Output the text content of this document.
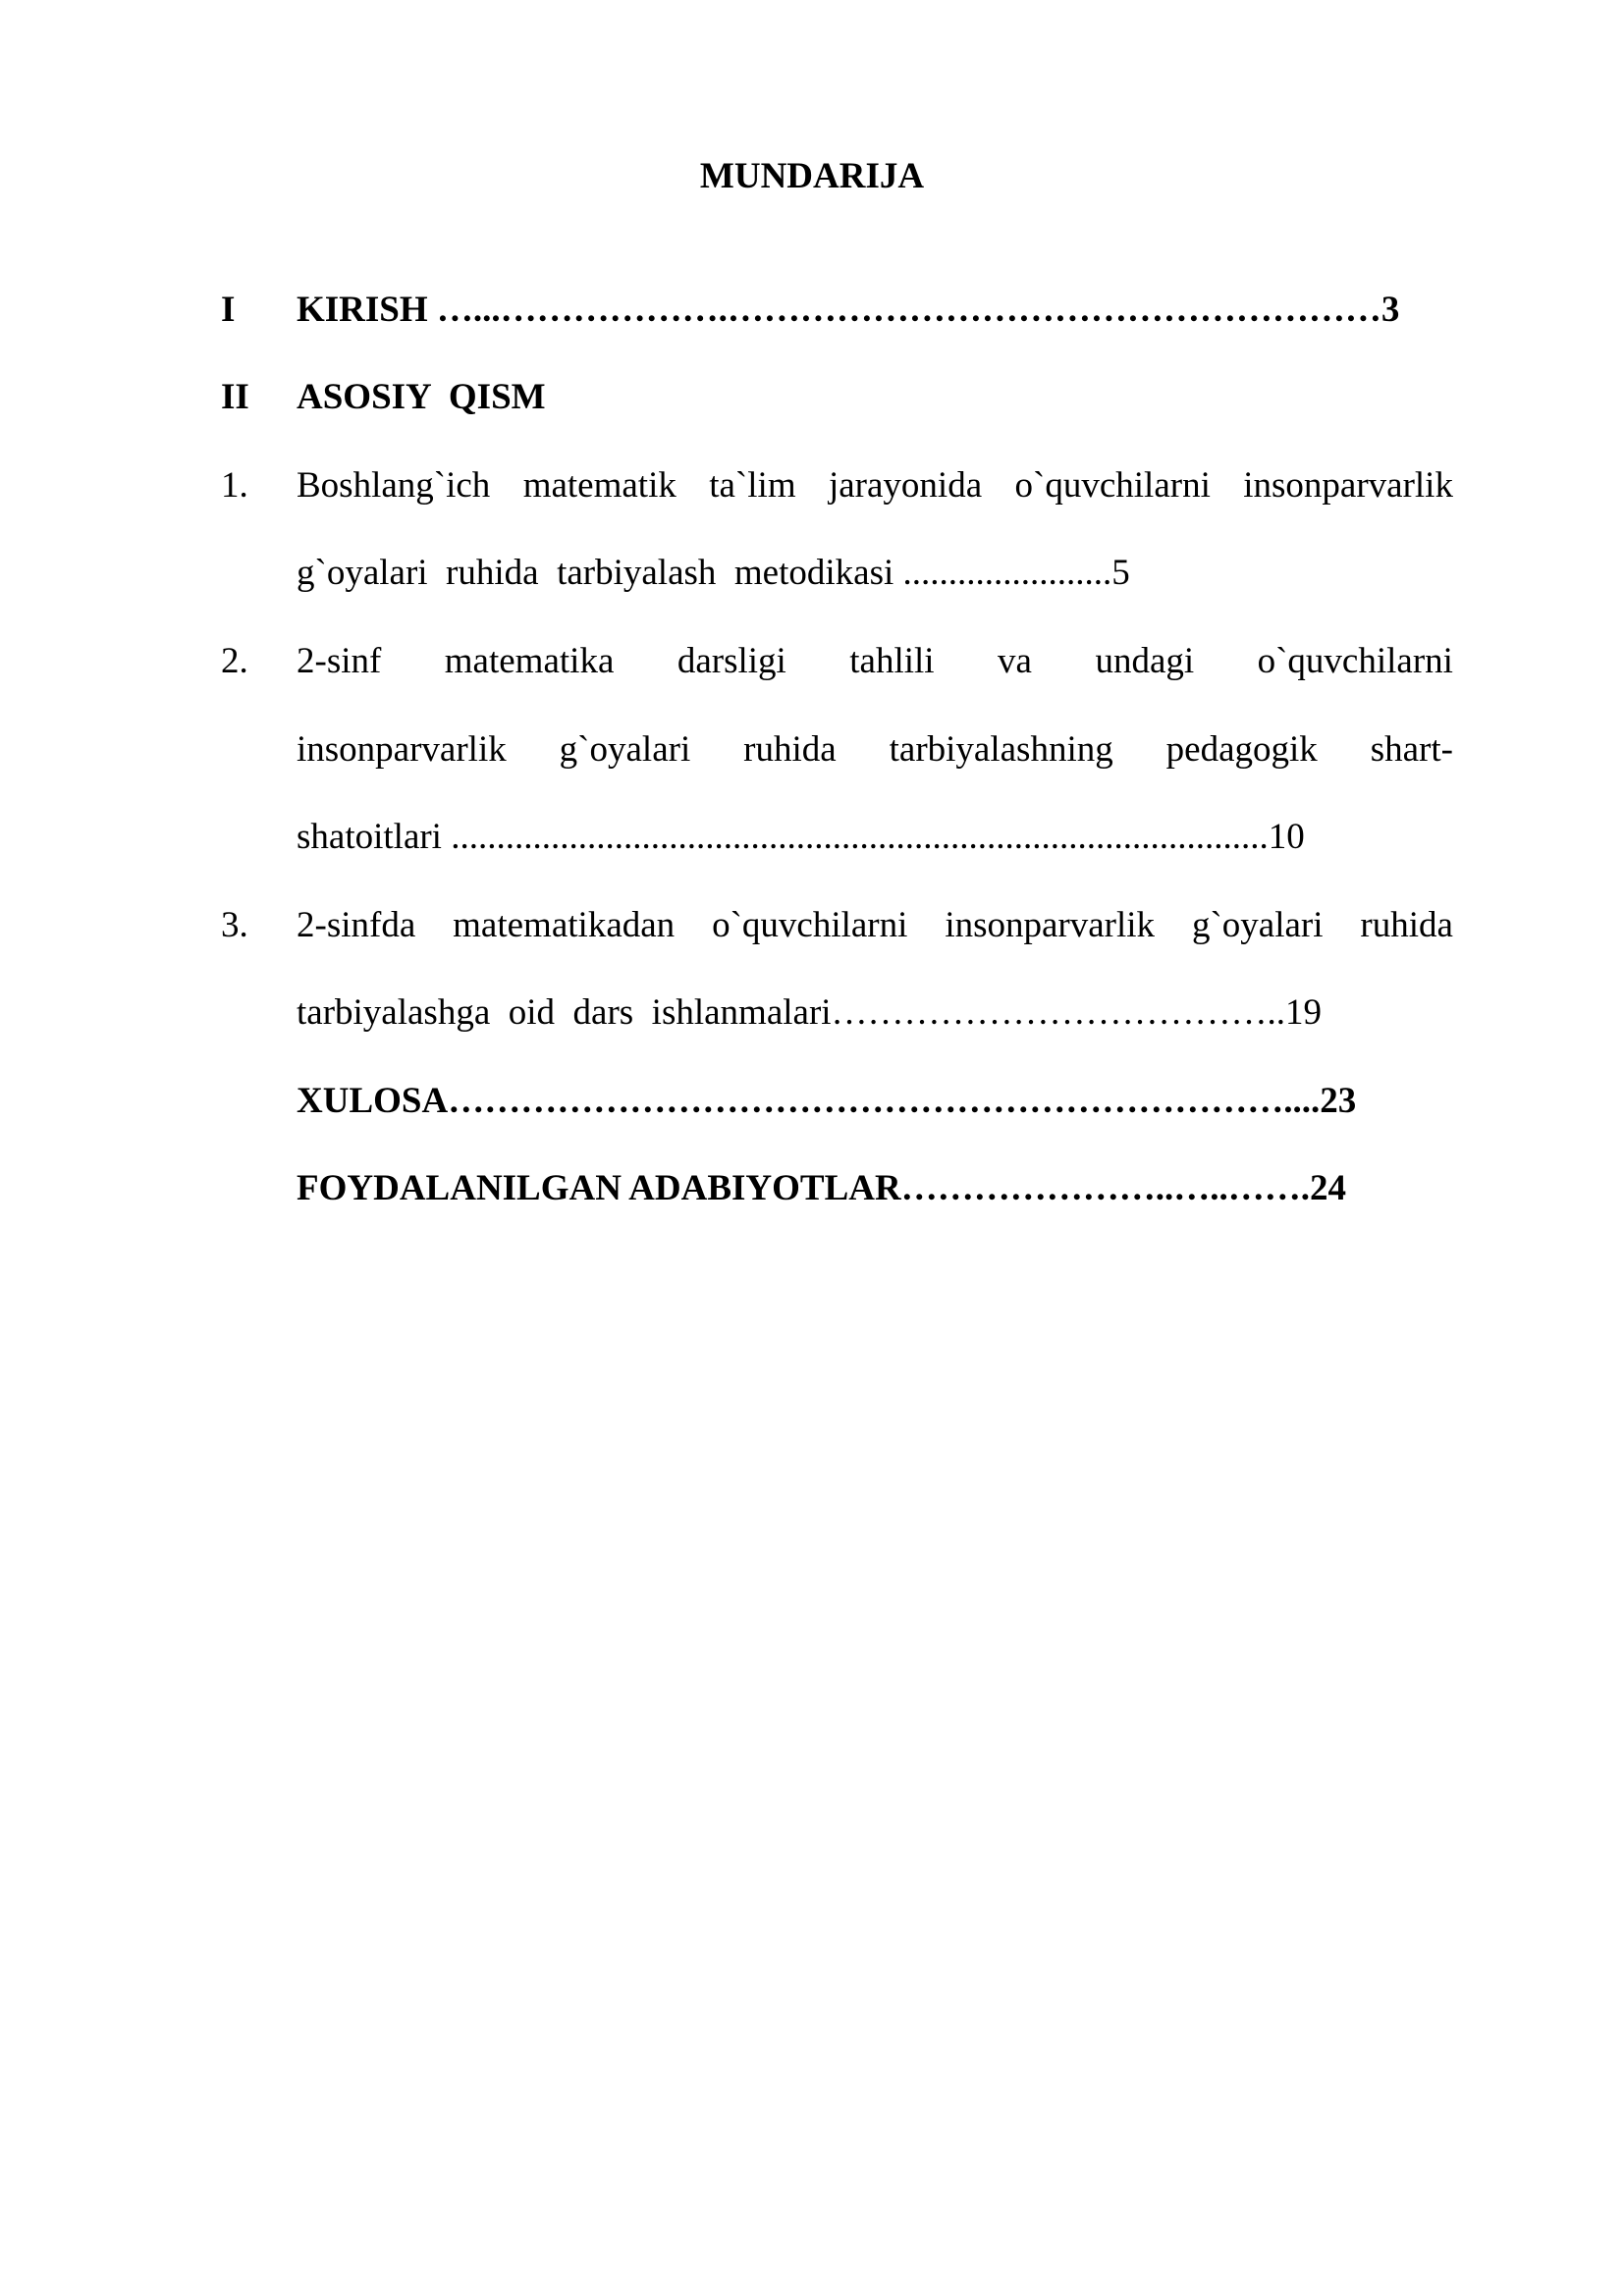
MUNDARIJA
I KIRISH …...……………….………………………………………………3
II ASOSIY  QISM
1. Boshlang`ich matematik ta`lim jarayonida o`quvchilarni insonparvarlik
g`oyalari  ruhida  tarbiyalash  metodikasi .......................5
2. 2-sinf matematika darsligi tahlili va undagi o`quvchilarni
insonparvarlik g`oyalari ruhida tarbiyalashning pedagogik shart-
shatoitlari ..........................................................................................10
3. 2-sinfda matematikadan o`quvchilarni insonparvarlik g`oyalari ruhida
tarbiyalashga  oid  dars  ishlanmalari………………………………..19
XULOSA……………………………………………………………....23
FOYDALANILGAN ADABIYOTLAR…………………..…..…….24
